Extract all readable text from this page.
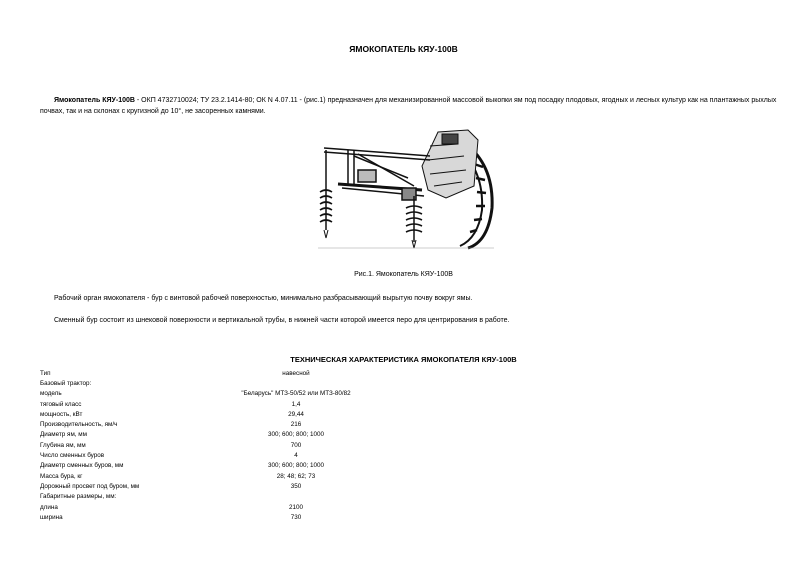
ЯМОКОПАТЕЛЬ КЯУ-100В
Ямокопатель КЯУ-100В - ОКП 4732710024; ТУ 23.2.1414-80; ОК N 4.07.11 - (рис.1) предназначен для механизированной массовой выкопки ям под посадку плодовых, ягодных и лесных культур как на плантажных рыхлых почвах, так и на склонах с кругизной до 10°, не засоренных камнями.
Рис.1. Ямокопатель КЯУ-100В
Рабочий орган ямокопателя - бур с винтовой рабочей поверхностью, минимально разбрасывающий вырытую почву вокруг ямы.
Сменный бур состоит из шнековой поверхности и вертикальной трубы, в нижней части которой имеется перо для центрирования в работе.
ТЕХНИЧЕСКАЯ ХАРАКТЕРИСТИКА ЯМОКОПАТЕЛЯ КЯУ-100В
Тип	навесной	
Базовый трактор:		
модель	"Беларусь" МТЗ-50/52 или МТЗ-80/82	
тяговый класс	1,4	
мощность, кВт	29,44	
Производительность, ям/ч	216	
Диаметр ям, мм	300; 600; 800; 1000	
Глубина ям, мм	700	
Число сменных буров	4	
Диаметр сменных буров, мм	300; 600; 800; 1000	
Масса бура, кг	28; 48; 62; 73	
Дорожный просвет под буром, мм	350	
Габаритные размеры, мм:		
длина	2100	
ширина	730	
